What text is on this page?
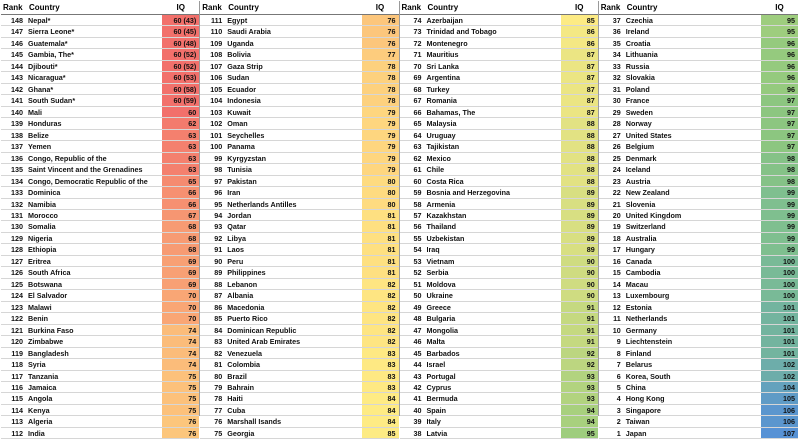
Rank Country	IQ
148 Nepal*	60 (43)
147 Sierra Leone*	60 (45)
146 Guatemala*	60 (48)
145 Gambia, The*	60 (52)
144 Djibouti*	60 (52)
143 Nicaragua*	60 (53)
142 Ghana*	60 (58)
141 South Sudan*	60 (59)
140 Mali	60
139 Honduras	62
138 Belize	63
137 Yemen	63
136 Congo, Republic of the	63
135 Saint Vincent and the Grenadines	63
134 Congo, Democratic Republic of the	65
133 Dominica	66
132 Namibia	66
131 Morocco	67
130 Somalia	68
129 Nigeria	68
128 Ethiopia	68
127 Eritrea	69
126 South Africa	69
125 Botswana	69
124 El Salvador	70
123 Malawi	70
122 Benin	70
121 Burkina Faso	74
120 Zimbabwe	74
119 Bangladesh	74
118 Syria	74
117 Tanzania	75
116 Jamaica	75
115 Angola	75
114 Kenya	75
113 Algeria	76
112 India	76
Rank Country	IQ
111 Egypt	76
110 Saudi Arabia	76
109 Uganda	76
108 Bolivia	77
107 Gaza Strip	78
106 Sudan	78
105 Ecuador	78
104 Indonesia	78
103 Kuwait	79
102 Oman	79
101 Seychelles	79
100 Panama	79
99 Kyrgyzstan	79
98 Tunisia	79
97 Pakistan	80
96 Iran	80
95 Netherlands Antilles	80
94 Jordan	81
93 Qatar	81
92 Libya	81
91 Laos	81
90 Peru	81
89 Philippines	81
88 Lebanon	82
87 Albania	82
86 Macedonia	82
85 Puerto Rico	82
84 Dominican Republic	82
83 United Arab Emirates	82
82 Venezuela	83
81 Colombia	83
80 Brazil	83
79 Bahrain	83
78 Haiti	84
77 Cuba	84
76 Marshall Isands	84
75 Georgia	85
Rank Country	IQ
74 Azerbaijan	85
73 Trinidad and Tobago	86
72 Montenegro	86
71 Mauritius	87
70 Sri Lanka	87
69 Argentina	87
68 Turkey	87
67 Romania	87
66 Bahamas, The	87
65 Malaysia	88
64 Uruguay	88
63 Tajikistan	88
62 Mexico	88
61 Chile	88
60 Costa Rica	88
59 Bosnia and Herzegovina	89
58 Armenia	89
57 Kazakhstan	89
56 Thailand	89
55 Uzbekistan	89
54 Iraq	89
53 Vietnam	90
52 Serbia	90
51 Moldova	90
50 Ukraine	90
49 Greece	91
48 Bulgaria	91
47 Mongolia	91
46 Malta	91
45 Barbados	92
44 Israel	92
43 Portugal	93
42 Cyprus	93
41 Bermuda	93
40 Spain	94
39 Italy	94
38 Latvia	95
Rank Country	IQ
37 Czechia	95
36 Ireland	95
35 Croatia	96
34 Lithuania	96
33 Russia	96
32 Slovakia	96
31 Poland	96
30 France	97
29 Sweden	97
28 Norway	97
27 United States	97
26 Belgium	97
25 Denmark	98
24 Iceland	98
23 Austria	98
22 New Zealand	99
21 Slovenia	99
20 United Kingdom	99
19 Switzerland	99
18 Australia	99
17 Hungary	99
16 Canada	100
15 Cambodia	100
14 Macau	100
13 Luxembourg	100
12 Estonia	101
11 Netherlands	101
10 Germany	101
9 Liechtenstein	101
8 Finland	101
7 Belarus	102
6 Korea, South	102
5 China	104
4 Hong Kong	105
3 Singapore	106
2 Taiwan	106
1 Japan	107
